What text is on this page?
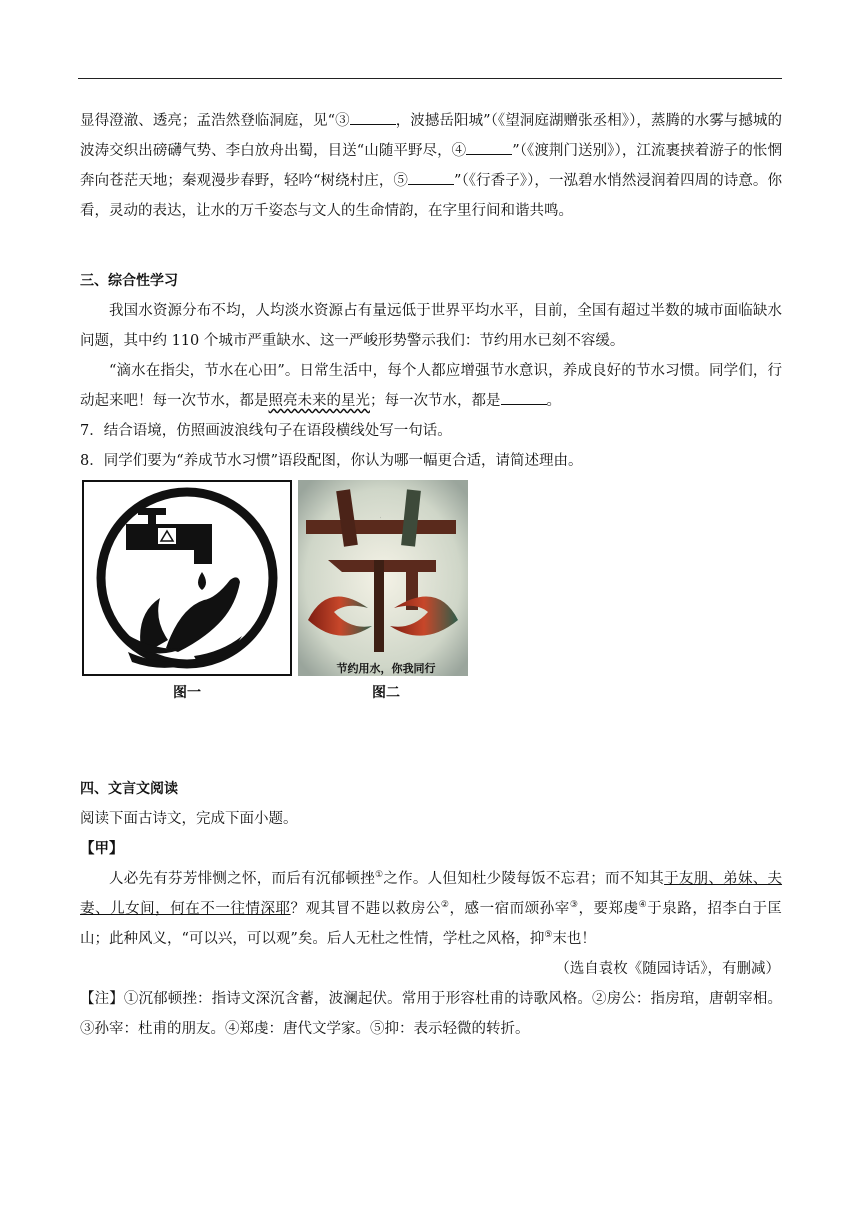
显得澄澈、透亮；孟浩然登临洞庭，见“③	，波撼岳阳城”（《望洞庭湖赠张丞相》），蒸腾的水雾与撼城的波涛交织出磅礴气势、李白放舟出蜀，目送“山随平野尽，④	”（《渡荆门送别》），江流裹挟着游子的怅惘奔向苍茫天地；秦观漫步春野，轻吟“树绕村庄，⑤	”（《行香子》），一泓碧水悄然浸润着四周的诗意。你看，灵动的表达，让水的万千姿态与文人的生命情韵，在字里行间和谐共鸣。

三、综合性学习

我国水资源分布不均，人均淡水资源占有量远低于世界平均水平，目前，全国有超过半数的城市面临缺水问题，其中约 110 个城市严重缺水、这一严峻形势警示我们：节约用水已刻不容缓。

“滴水在指尖，节水在心田”。日常生活中，每个人都应增强节水意识，养成良好的节水习惯。同学们，行动起来吧！每一次节水，都是照亮未来的星光；每一次节水，都是	。

7．结合语境，仿照画波浪线句子在语段横线处写一句话。

8．同学们要为“养成节水习惯”语段配图，你认为哪一幅更合适，请简述理由。

节
节约用水，你我同行
图一	图二
四、文言文阅读

阅读下面古诗文，完成下面小题。

【甲】

人必先有芬芳悱恻之怀，而后有沉郁顿挫①之作。人但知杜少陵每饭不忘君；而不知其于友朋、弟妹、夫妻、儿女间，何在不一往情深耶？观其冒不韪以救房公②，感一宿而颂孙宰③，要郑虔④于泉路，招李白于匡山；此种风义，“可以兴，可以观”矣。后人无杜之性情，学杜之风格，抑⑤末也！

（选自袁枚《随园诗话》，有删减）

【注】①沉郁顿挫：指诗文深沉含蓄，波澜起伏。常用于形容杜甫的诗歌风格。②房公：指房琯，唐朝宰相。③孙宰：杜甫的朋友。④郑虔：唐代文学家。⑤抑：表示轻微的转折。
